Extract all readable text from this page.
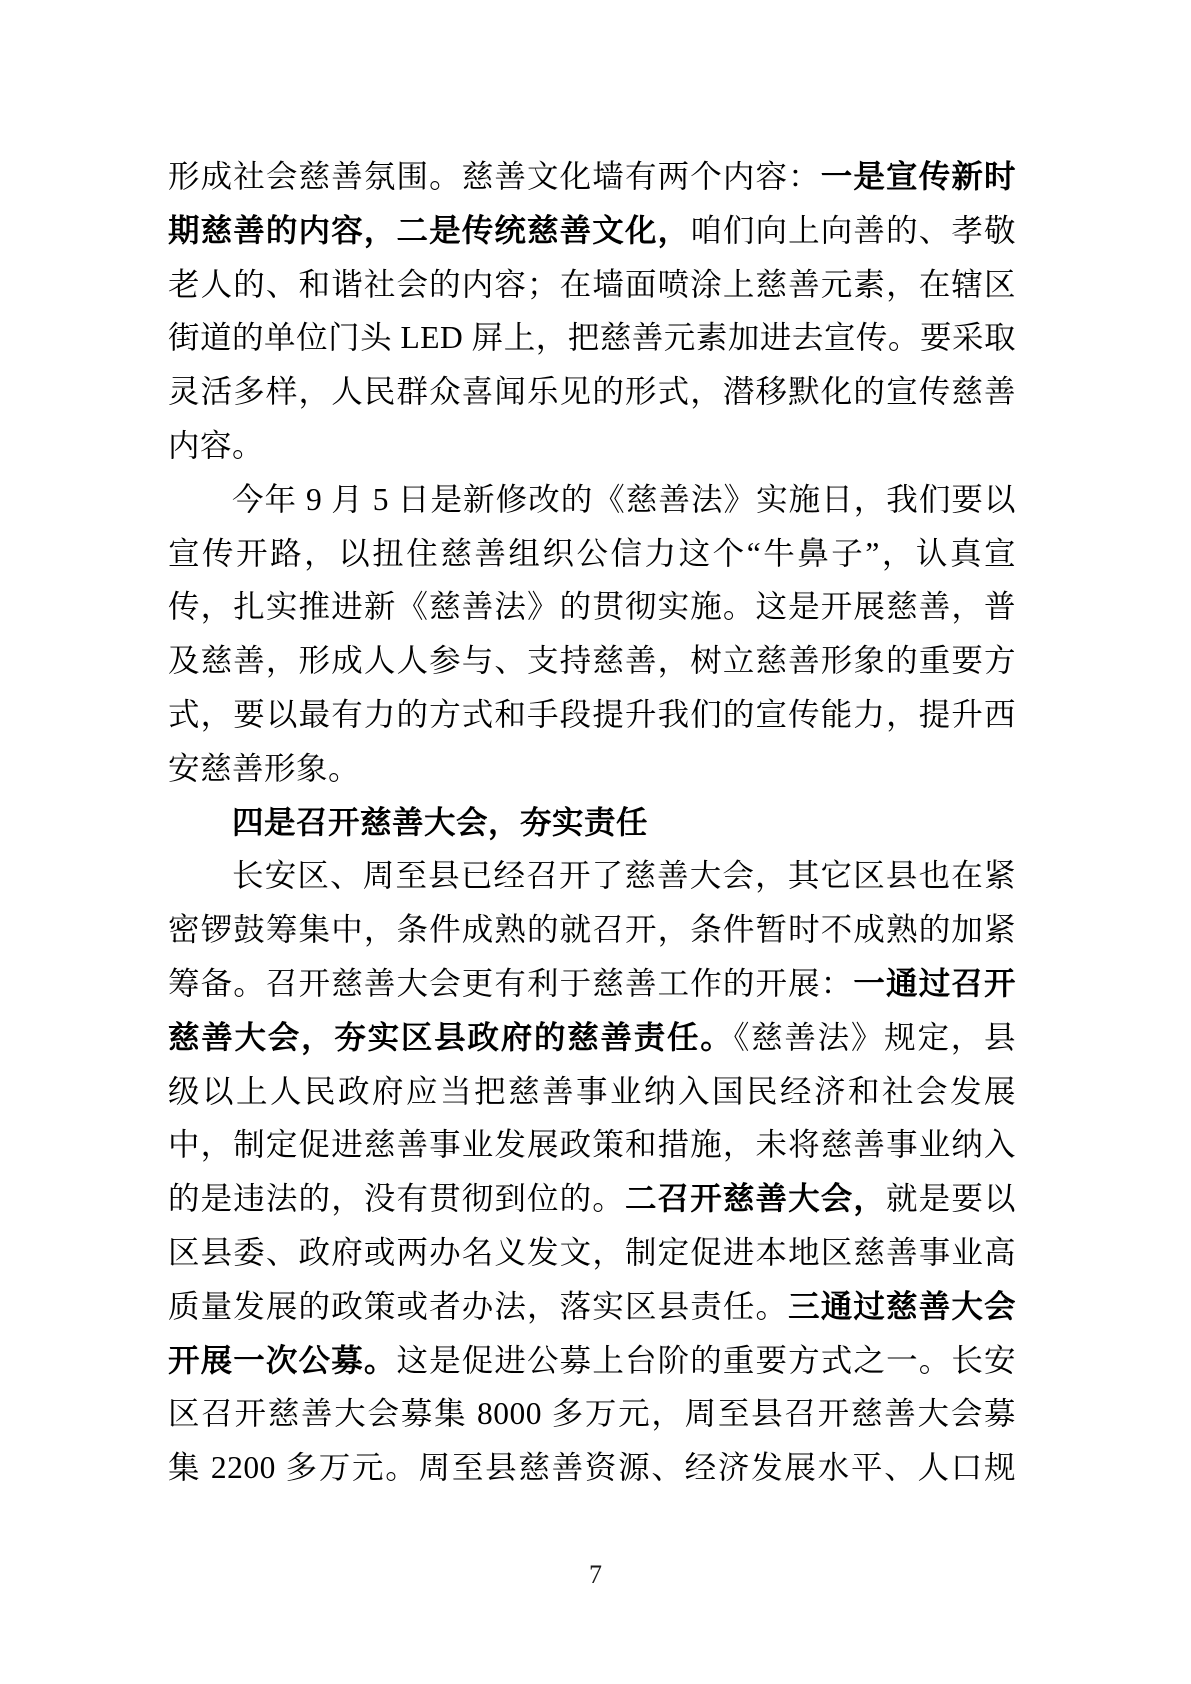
形成社会慈善氛围。慈善文化墙有两个内容：一是宣传新时
期慈善的内容，二是传统慈善文化，咱们向上向善的、孝敬
老人的、和谐社会的内容；在墙面喷涂上慈善元素，在辖区
街道的单位门头 LED 屏上，把慈善元素加进去宣传。要采取
灵活多样，人民群众喜闻乐见的形式，潜移默化的宣传慈善
内容。
今年 9 月 5 日是新修改的《慈善法》实施日，我们要以
宣传开路，以扭住慈善组织公信力这个“牛鼻子”，认真宣
传，扎实推进新《慈善法》的贯彻实施。这是开展慈善，普
及慈善，形成人人参与、支持慈善，树立慈善形象的重要方
式，要以最有力的方式和手段提升我们的宣传能力，提升西
安慈善形象。
四是召开慈善大会，夯实责任
长安区、周至县已经召开了慈善大会，其它区县也在紧
密锣鼓筹集中，条件成熟的就召开，条件暂时不成熟的加紧
筹备。召开慈善大会更有利于慈善工作的开展：一通过召开
慈善大会，夯实区县政府的慈善责任。《慈善法》规定，县
级以上人民政府应当把慈善事业纳入国民经济和社会发展
中，制定促进慈善事业发展政策和措施，未将慈善事业纳入
的是违法的，没有贯彻到位的。二召开慈善大会，就是要以
区县委、政府或两办名义发文，制定促进本地区慈善事业高
质量发展的政策或者办法，落实区县责任。三通过慈善大会
开展一次公募。这是促进公募上台阶的重要方式之一。长安
区召开慈善大会募集 8000 多万元，周至县召开慈善大会募
集 2200 多万元。周至县慈善资源、经济发展水平、人口规
7
